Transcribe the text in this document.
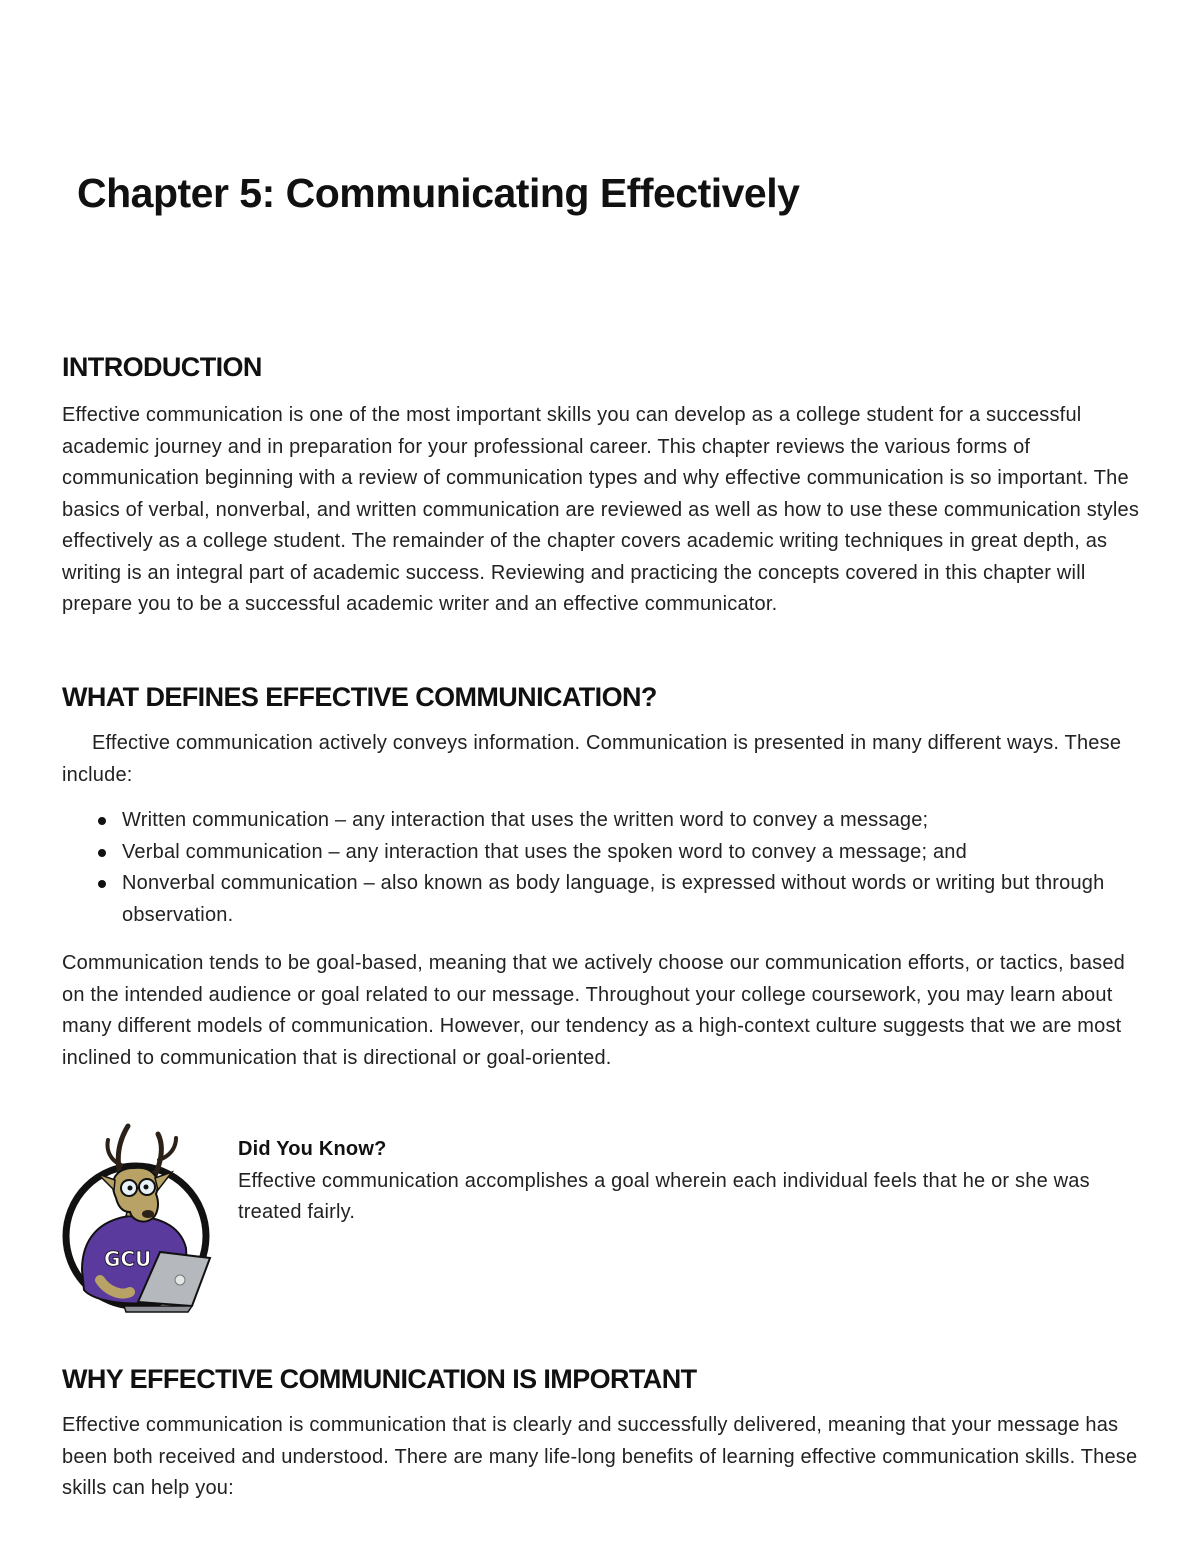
Chapter 5: Communicating Effectively
INTRODUCTION

Effective communication is one of the most important skills you can develop as a college student for a successful academic journey and in preparation for your professional career. This chapter reviews the various forms of communication beginning with a review of communication types and why effective communication is so important. The basics of verbal, nonverbal, and written communication are reviewed as well as how to use these communication styles effectively as a college student. The remainder of the chapter covers academic writing techniques in great depth, as writing is an integral part of academic success. Reviewing and practicing the concepts covered in this chapter will prepare you to be a successful academic writer and an effective communicator.

WHAT DEFINES EFFECTIVE COMMUNICATION?

Effective communication actively conveys information. Communication is presented in many different ways. These include:

Written communication – any interaction that uses the written word to convey a message;
Verbal communication – any interaction that uses the spoken word to convey a message; and
Nonverbal communication – also known as body language, is expressed without words or writing but through observation.

Communication tends to be goal-based, meaning that we actively choose our communication efforts, or tactics, based on the intended audience or goal related to our message. Throughout your college coursework, you may learn about many different models of communication. However, our tendency as a high-context culture suggests that we are most inclined to communication that is directional or goal-oriented.

GCU
Did You Know?
Effective communication accomplishes a goal wherein each individual feels that he or she was treated fairly.
WHY EFFECTIVE COMMUNICATION IS IMPORTANT

Effective communication is communication that is clearly and successfully delivered, meaning that your message has been both received and understood. There are many life-long benefits of learning effective communication skills. These skills can help you:
